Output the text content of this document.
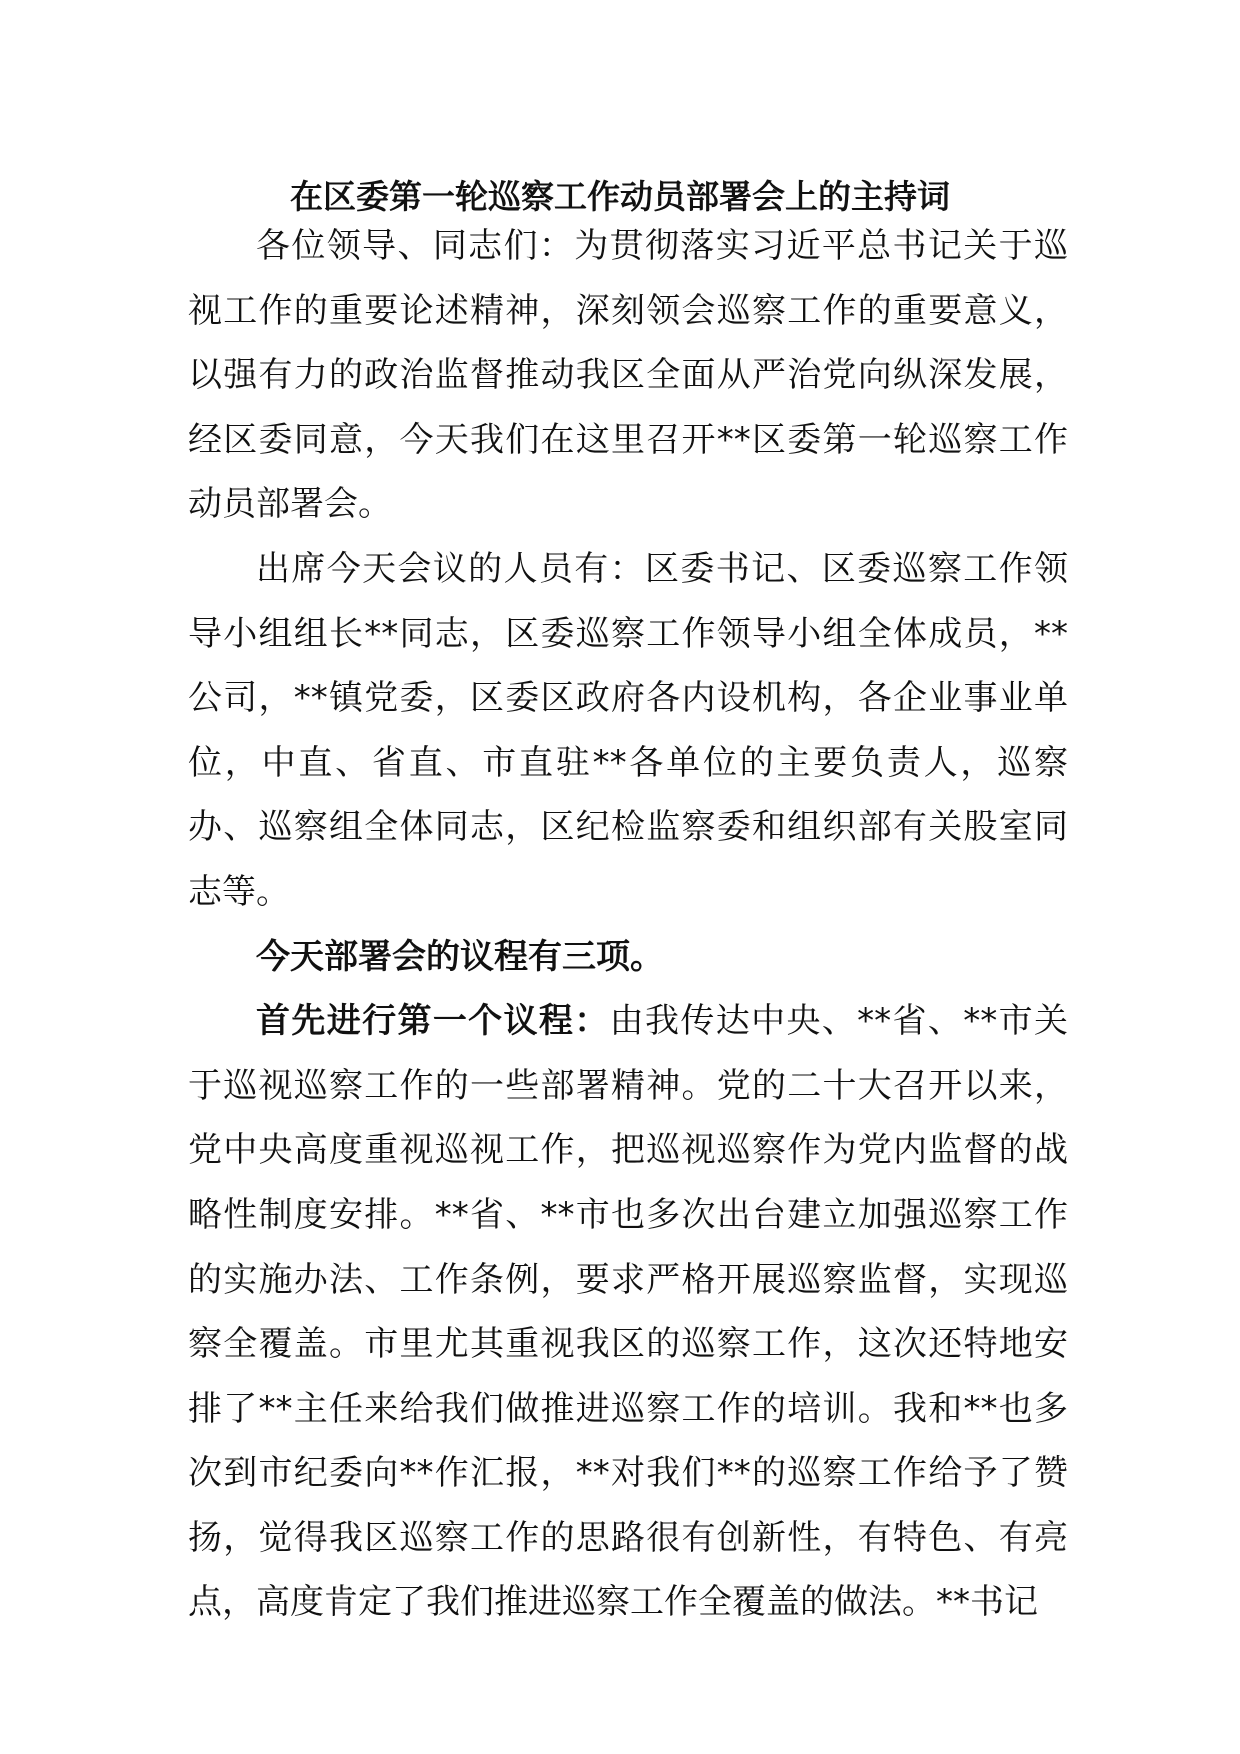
在区委第一轮巡察工作动员部署会上的主持词

各位领导、同志们：为贯彻落实习近平总书记关于巡视工作的重要论述精神，深刻领会巡察工作的重要意义，以强有力的政治监督推动我区全面从严治党向纵深发展，经区委同意，今天我们在这里召开**区委第一轮巡察工作动员部署会。

出席今天会议的人员有：区委书记、区委巡察工作领导小组组长**同志，区委巡察工作领导小组全体成员，**公司，**镇党委，区委区政府各内设机构，各企业事业单位，中直、省直、市直驻**各单位的主要负责人，巡察办、巡察组全体同志，区纪检监察委和组织部有关股室同志等。

今天部署会的议程有三项。

首先进行第一个议程：由我传达中央、**省、**市关于巡视巡察工作的一些部署精神。党的二十大召开以来，党中央高度重视巡视工作，把巡视巡察作为党内监督的战略性制度安排。**省、**市也多次出台建立加强巡察工作的实施办法、工作条例，要求严格开展巡察监督，实现巡察全覆盖。市里尤其重视我区的巡察工作，这次还特地安排了**主任来给我们做推进巡察工作的培训。我和**也多次到市纪委向**作汇报，**对我们**的巡察工作给予了赞扬，觉得我区巡察工作的思路很有创新性，有特色、有亮点，高度肯定了我们推进巡察工作全覆盖的做法。**书记
